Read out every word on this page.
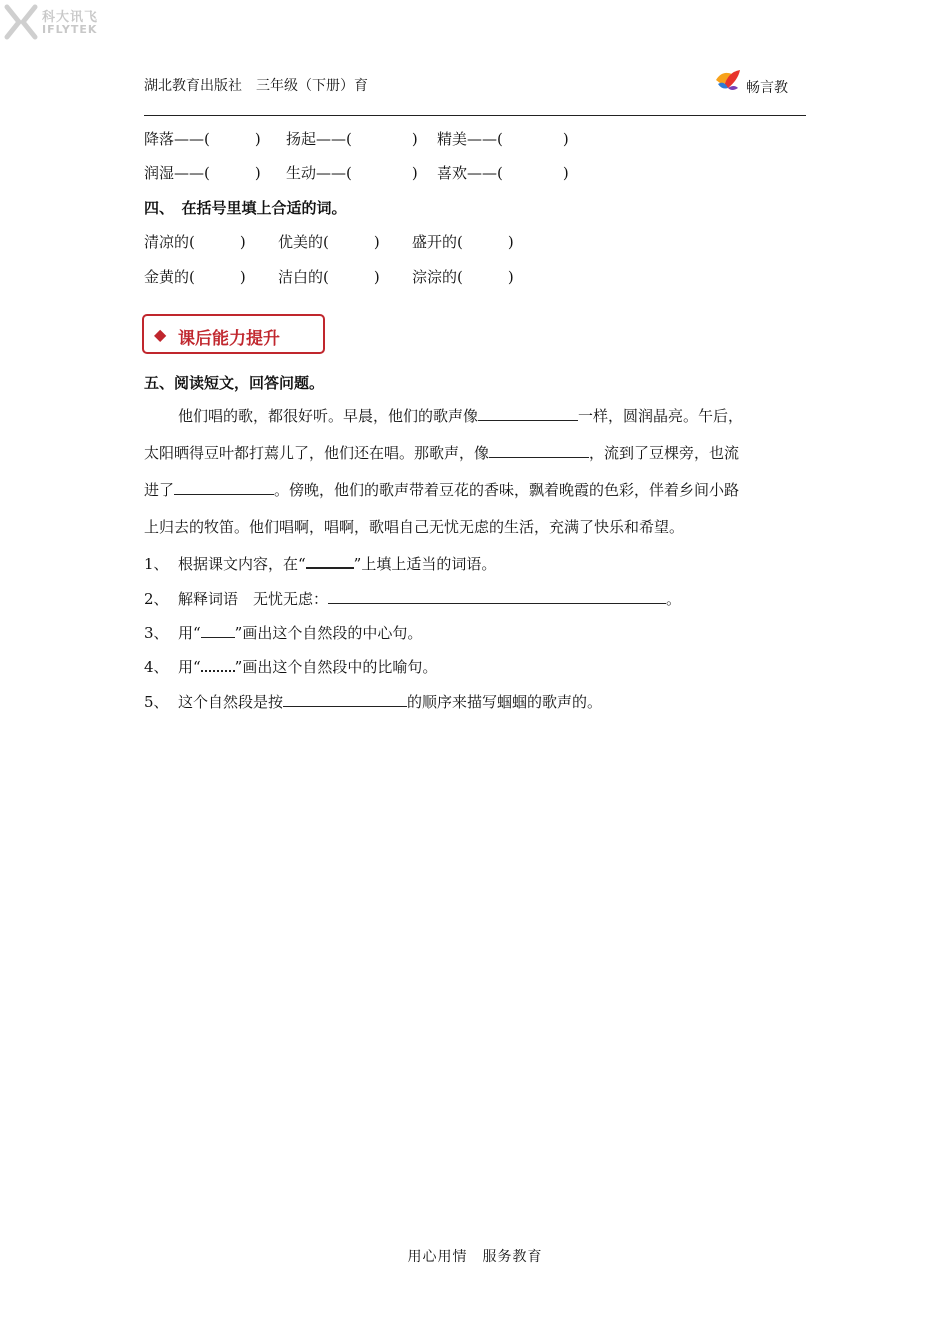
科大讯飞
IFLYTEK
湖北教育出版社　三年级（下册）育	畅言教
降落——(　　　) 扬起——(　　　　) 精美——(　　　　)
润湿——(　　　) 生动——(　　　　) 喜欢——(　　　　)
四、　在括号里填上合适的词。
清凉的(　　　) 优美的(　　　) 盛开的(　　　)
金黄的(　　　) 洁白的(　　　) 淙淙的(　　　)
◆ 课后能力提升
五、阅读短文，回答问题。
他们唱的歌，都很好听。早晨，他们的歌声像	一样，圆润晶亮。午后，
太阳晒得豆叶都打蔫儿了，他们还在唱。那歌声，像	，流到了豆棵旁，也流
进了	。傍晚，他们的歌声带着豆花的香味，飘着晚霞的色彩，伴着乡间小路
上归去的牧笛。他们唱啊，唱啊，歌唱自己无忧无虑的生活，充满了快乐和希望。
1、 根据课文内容，在“	”上填上适当的词语。
2、 解释词语　无忧无虑：	。
3、 用“ ”画出这个自然段的中心句。
4、 用“ ”画出这个自然段中的比喻句。
5、 这个自然段是按	的顺序来描写蝈蝈的歌声的。
用心用情　服务教育
